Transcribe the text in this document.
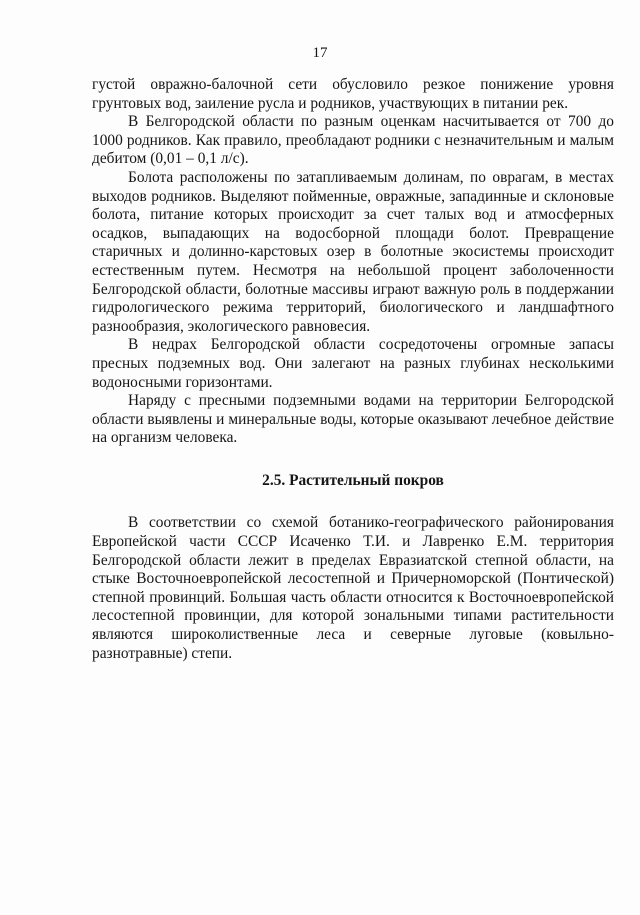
17

густой овражно-балочной сети обусловило резкое понижение уровня грунтовых вод, заиление русла и родников, участвующих в питании рек.

В Белгородской области по разным оценкам насчитывается от 700 до 1000 родников. Как правило, преобладают родники с незначительным и малым дебитом (0,01 – 0,1 л/с).

Болота расположены по затапливаемым долинам, по оврагам, в местах выходов родников. Выделяют пойменные, овражные, западинные и склоновые болота, питание которых происходит за счет талых вод и атмосферных осадков, выпадающих на водосборной площади болот. Превращение старичных и долинно-карстовых озер в болотные экосистемы происходит естественным путем. Несмотря на небольшой процент заболоченности Белгородской области, болотные массивы играют важную роль в поддержании гидрологического режима территорий, биологического и ландшафтного разнообразия, экологического равновесия.

В недрах Белгородской области сосредоточены огромные запасы пресных подземных вод. Они залегают на разных глубинах несколькими водоносными горизонтами.

Наряду с пресными подземными водами на территории Белгородской области выявлены и минеральные воды, которые оказывают лечебное действие на организм человека.

2.5. Растительный покров

В соответствии со схемой ботанико-географического районирования Европейской части СССР Исаченко Т.И. и Лавренко Е.М. территория Белгородской области лежит в пределах Евразиатской степной области, на стыке Восточноевропейской лесостепной и Причерноморской (Понтической) степной провинций. Большая часть области относится к Восточноевропейской лесостепной провинции, для которой зональными типами растительности являются широколиственные леса и северные луговые (ковыльно-разнотравные) степи.
